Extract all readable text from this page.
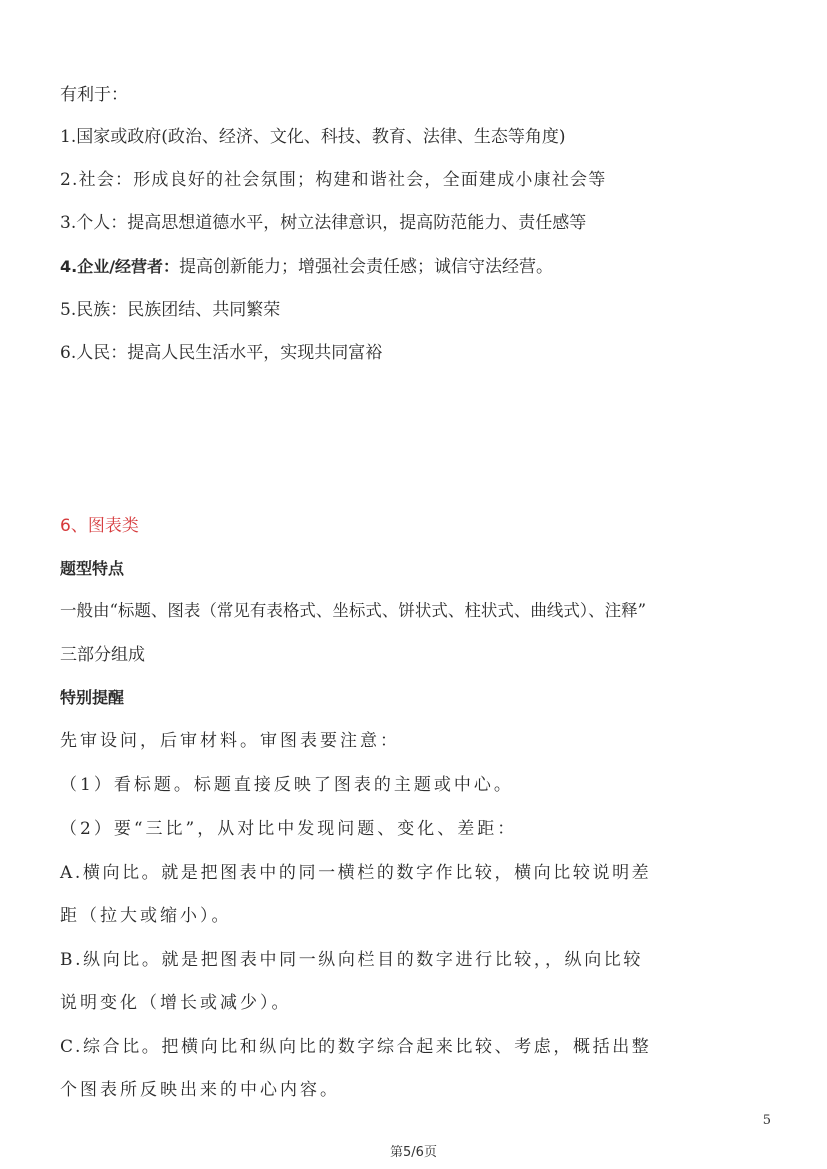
有利于：
1.国家或政府(政治、经济、文化、科技、教育、法律、生态等角度)
2.社会：形成良好的社会氛围；构建和谐社会，全面建成小康社会等
3.个人：提高思想道德水平，树立法律意识，提高防范能力、责任感等
4.企业/经营者：提高创新能力；增强社会责任感；诚信守法经营。
5.民族：民族团结、共同繁荣
6.人民：提高人民生活水平，实现共同富裕
6、图表类
题型特点
一般由“标题、图表（常见有表格式、坐标式、饼状式、柱状式、曲线式）、注释”
三部分组成
特别提醒
先审设问，后审材料。审图表要注意：
（1）看标题。标题直接反映了图表的主题或中心。
（2）要“三比”，从对比中发现问题、变化、差距：
A.横向比。就是把图表中的同一横栏的数字作比较，横向比较说明差
距（拉大或缩小）。
B.纵向比。就是把图表中同一纵向栏目的数字进行比较，，纵向比较
说明变化（增长或减少）。
C.综合比。把横向比和纵向比的数字综合起来比较、考虑，概括出整
个图表所反映出来的中心内容。
5
第5/6页
